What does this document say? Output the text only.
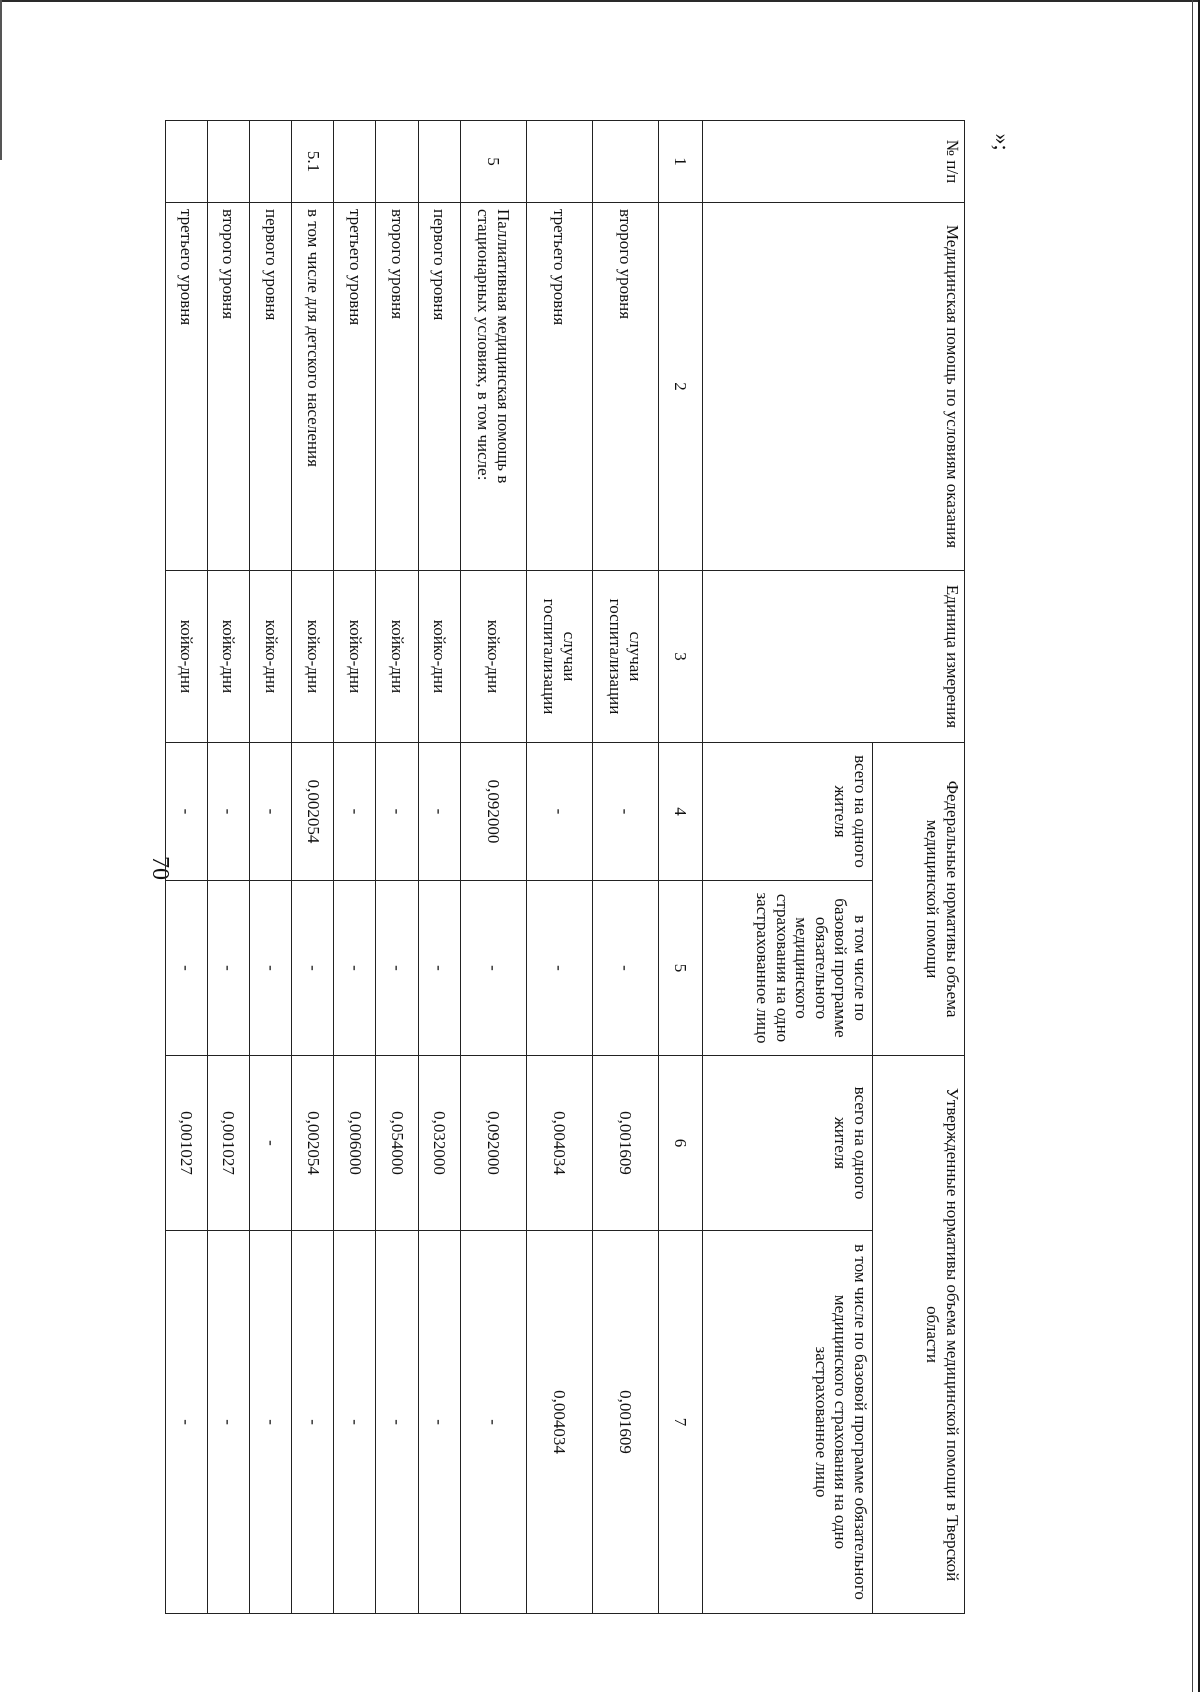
70
»;
№ п/п	Медицинская помощь по условиям оказания	Единица измерения	Федеральные нормативы объема медицинской помощи		Утвержденные нормативы объема медицинской помощи в Тверской области	
			всего на одного жителя	в том числе по базовой программе обязательного медицинского страхования на одно застрахованное лицо	всего на одного жителя	в том числе по базовой программе обязательного медицинского страхования на одно застрахованное лицо
1	2	3	4	5	6	7
	второго уровня	случаи госпитализации	-	-	0,001609	0,001609
	третьего уровня	случаи госпитализации	-	-	0,004034	0,004034
5	Паллиативная медицинская помощь в стационарных условиях, в том числе:	койко-дни	0,092000	-	0,092000	-
	первого уровня	койко-дни	-	-	0,032000	-
	второго уровня	койко-дни	-	-	0,054000	-
	третьего уровня	койко-дни	-	-	0,006000	-
5.1	в том числе для детского населения	койко-дни	0,002054	-	0,002054	-
	первого уровня	койко-дни	-	-	-	-
	второго уровня	койко-дни	-	-	0,001027	-
	третьего уровня	койко-дни	-	-	0,001027	-
